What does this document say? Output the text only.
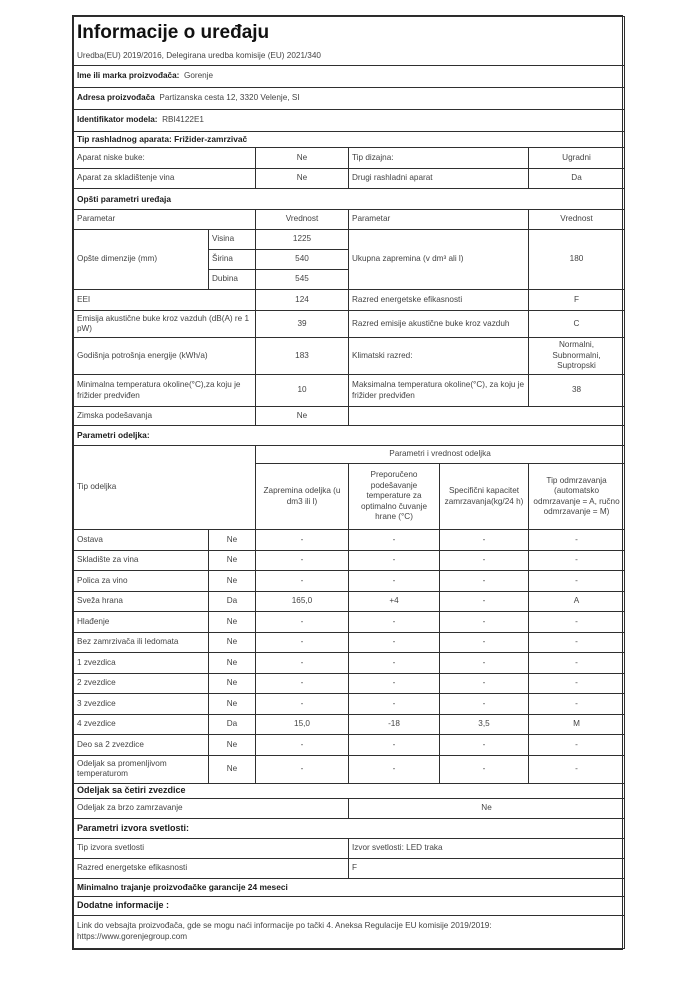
Informacije o uređaju					
Uredba(EU) 2019/2016, Delegirana uredba komisije (EU) 2021/340					
Ime ili marka proizvođača: Gorenje					
Adresa proizvođača Partizanska cesta 12, 3320 Velenje, SI					
Identifikator modela: RBI4122E1					
Tip rashladnog aparata: Frižider-zamrzivač					
Aparat niske buke:		Ne	Tip dizajna:		Ugradni
Aparat za skladištenje vina		Ne	Drugi rashladni aparat		Da
Opšti parametri uređaja					
Parametar		Vrednost	Parametar		Vrednost
Opšte dimenzije (mm)	Visina	1225	Ukupna zapremina (v dm³ ali l)		180
	Širina	540			
	Dubina	545			
EEI		124	Razred energetske efikasnosti		F
Emisija akustične buke kroz vazduh (dB(A) re 1 pW)		39	Razred emisije akustične buke kroz vazduh		C
Godišnja potrošnja energije (kWh/a)		183	Klimatski razred:		Normalni, Subnormalni, Suptropski
Minimalna temperatura okoline(°C),za koju je frižider predviđen		10	Maksimalna temperatura okoline(°C), za koju je frižider predviđen		38
Zimska podešavanja		Ne			
Parametri odeljka:					
Tip odeljka		Parametri i vrednost odeljka			
		Zapremina odeljka (u dm3 ili l)	Preporučeno podešavanje temperature za optimalno čuvanje hrane (°C)	Specifični kapacitet zamrzavanja(kg/24 h)	Tip odmrzavanja (automatsko odmrzavanje = A, ručno odmrzavanje = M)
Ostava	Ne	-	-	-	-
Skladište za vina	Ne	-	-	-	-
Polica za vino	Ne	-	-	-	-
Sveža hrana	Da	165,0	+4	-	A
Hlađenje	Ne	-	-	-	-
Bez zamrzivača ili ledomata	Ne	-	-	-	-
1 zvezdica	Ne	-	-	-	-
2 zvezdice	Ne	-	-	-	-
3 zvezdice	Ne	-	-	-	-
4 zvezdice	Da	15,0	-18	3,5	M
Deo sa 2 zvezdice	Ne	-	-	-	-
Odeljak sa promenljivom temperaturom	Ne	-	-	-	-
Odeljak sa četiri zvezdice					
Odeljak za brzo zamrzavanje			Ne		
Parametri izvora svetlosti:					
Tip izvora svetlosti			Izvor svetlosti: LED traka		
Razred energetske efikasnosti			F		
Minimalno trajanje proizvođačke garancije 24 meseci					
Dodatne informacije :					

Link do vebsajta proizvođača, gde se mogu naći informacije po tački 4. Aneksa Regulacije EU komisije 2019/2019:
https://www.gorenjegroup.com					
